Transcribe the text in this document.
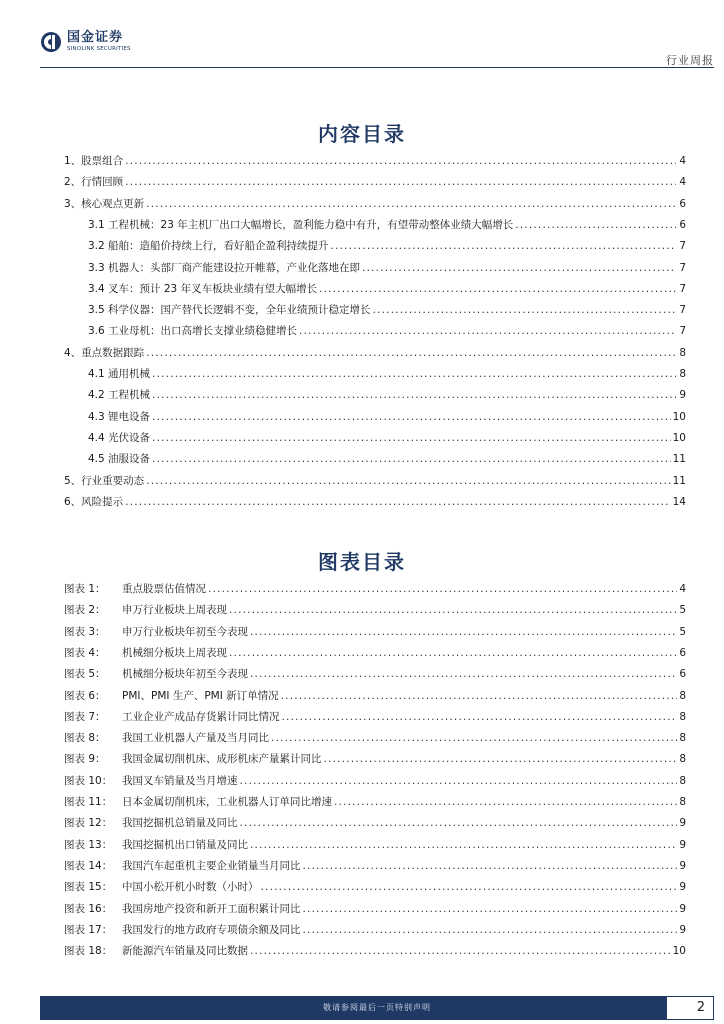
国金证券
SINOLINK SECURITIES
行业周报
内容目录
1、股票组合 .....	4
2、行情回顾 .....	4
3、核心观点更新 .....	6
3.1 工程机械：23 年主机厂出口大幅增长，盈利能力稳中有升，有望带动整体业绩大幅增长 .....	6
3.2 船舶：造船价持续上行，看好船企盈利持续提升 .....	7
3.3 机器人：头部厂商产能建设拉开帷幕，产业化落地在即 .....	7
3.4 叉车：预计 23 年叉车板块业绩有望大幅增长 .....	7
3.5 科学仪器：国产替代长逻辑不变，全年业绩预计稳定增长 .....	7
3.6 工业母机：出口高增长支撑业绩稳健增长 .....	7
4、重点数据跟踪 .....	8
4.1 通用机械 .....	8
4.2 工程机械 .....	9
4.3 锂电设备 .....	10
4.4 光伏设备 .....	10
4.5 油服设备 .....	11
5、行业重要动态 .....	11
6、风险提示 .....	14
图表目录
图表 1：	重点股票估值情况 .....	4
图表 2：	申万行业板块上周表现 .....	5
图表 3：	申万行业板块年初至今表现 .....	5
图表 4：	机械细分板块上周表现 .....	6
图表 5：	机械细分板块年初至今表现 .....	6
图表 6：	PMI、PMI 生产、PMI 新订单情况 .....	8
图表 7：	工业企业产成品存货累计同比情况 .....	8
图表 8：	我国工业机器人产量及当月同比 .....	8
图表 9：	我国金属切削机床、成形机床产量累计同比 .....	8
图表 10： 我国叉车销量及当月增速 .....	8
图表 11： 日本金属切削机床，工业机器人订单同比增速 .....	8
图表 12： 我国挖掘机总销量及同比 .....	9
图表 13： 我国挖掘机出口销量及同比 .....	9
图表 14： 我国汽车起重机主要企业销量当月同比 .....	9
图表 15： 中国小松开机小时数（小时） .....	9
图表 16： 我国房地产投资和新开工面积累计同比 .....	9
图表 17： 我国发行的地方政府专项债余额及同比 .....	9
图表 18： 新能源汽车销量及同比数据 .....	10
敬请参阅最后一页特别声明	2
